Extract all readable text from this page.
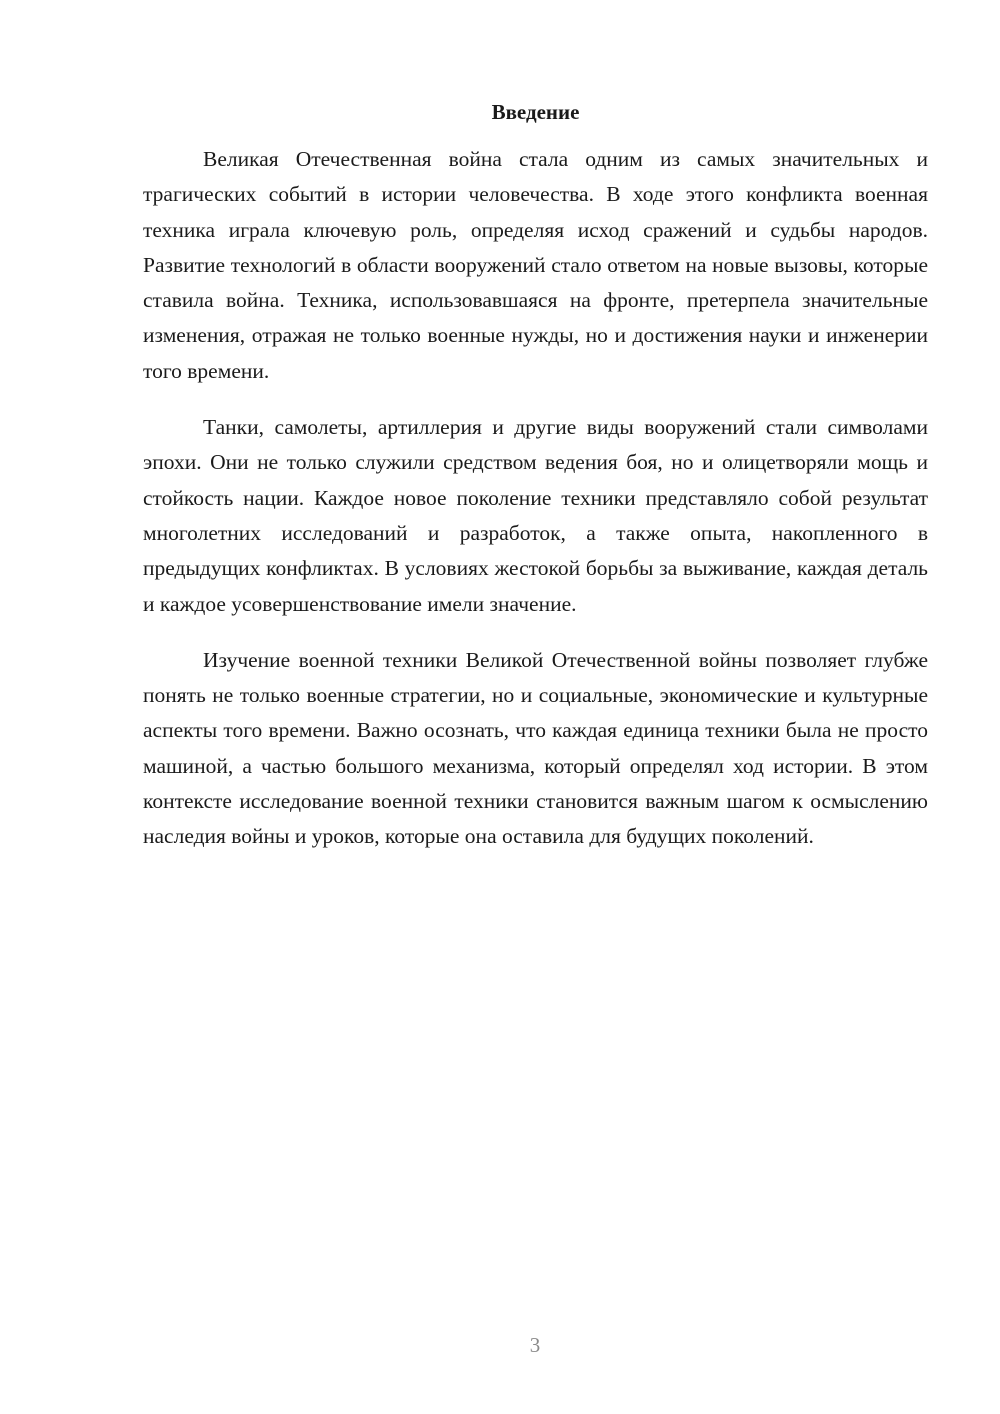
Введение

Великая Отечественная война стала одним из самых значительных и трагических событий в истории человечества. В ходе этого конфликта военная техника играла ключевую роль, определяя исход сражений и судьбы народов. Развитие технологий в области вооружений стало ответом на новые вызовы, которые ставила война. Техника, использовавшаяся на фронте, претерпела значительные изменения, отражая не только военные нужды, но и достижения науки и инженерии того времени.

Танки, самолеты, артиллерия и другие виды вооружений стали символами эпохи. Они не только служили средством ведения боя, но и олицетворяли мощь и стойкость нации. Каждое новое поколение техники представляло собой результат многолетних исследований и разработок, а также опыта, накопленного в предыдущих конфликтах. В условиях жестокой борьбы за выживание, каждая деталь и каждое усовершенствование имели значение.

Изучение военной техники Великой Отечественной войны позволяет глубже понять не только военные стратегии, но и социальные, экономические и культурные аспекты того времени. Важно осознать, что каждая единица техники была не просто машиной, а частью большого механизма, который определял ход истории. В этом контексте исследование военной техники становится важным шагом к осмыслению наследия войны и уроков, которые она оставила для будущих поколений.

3
